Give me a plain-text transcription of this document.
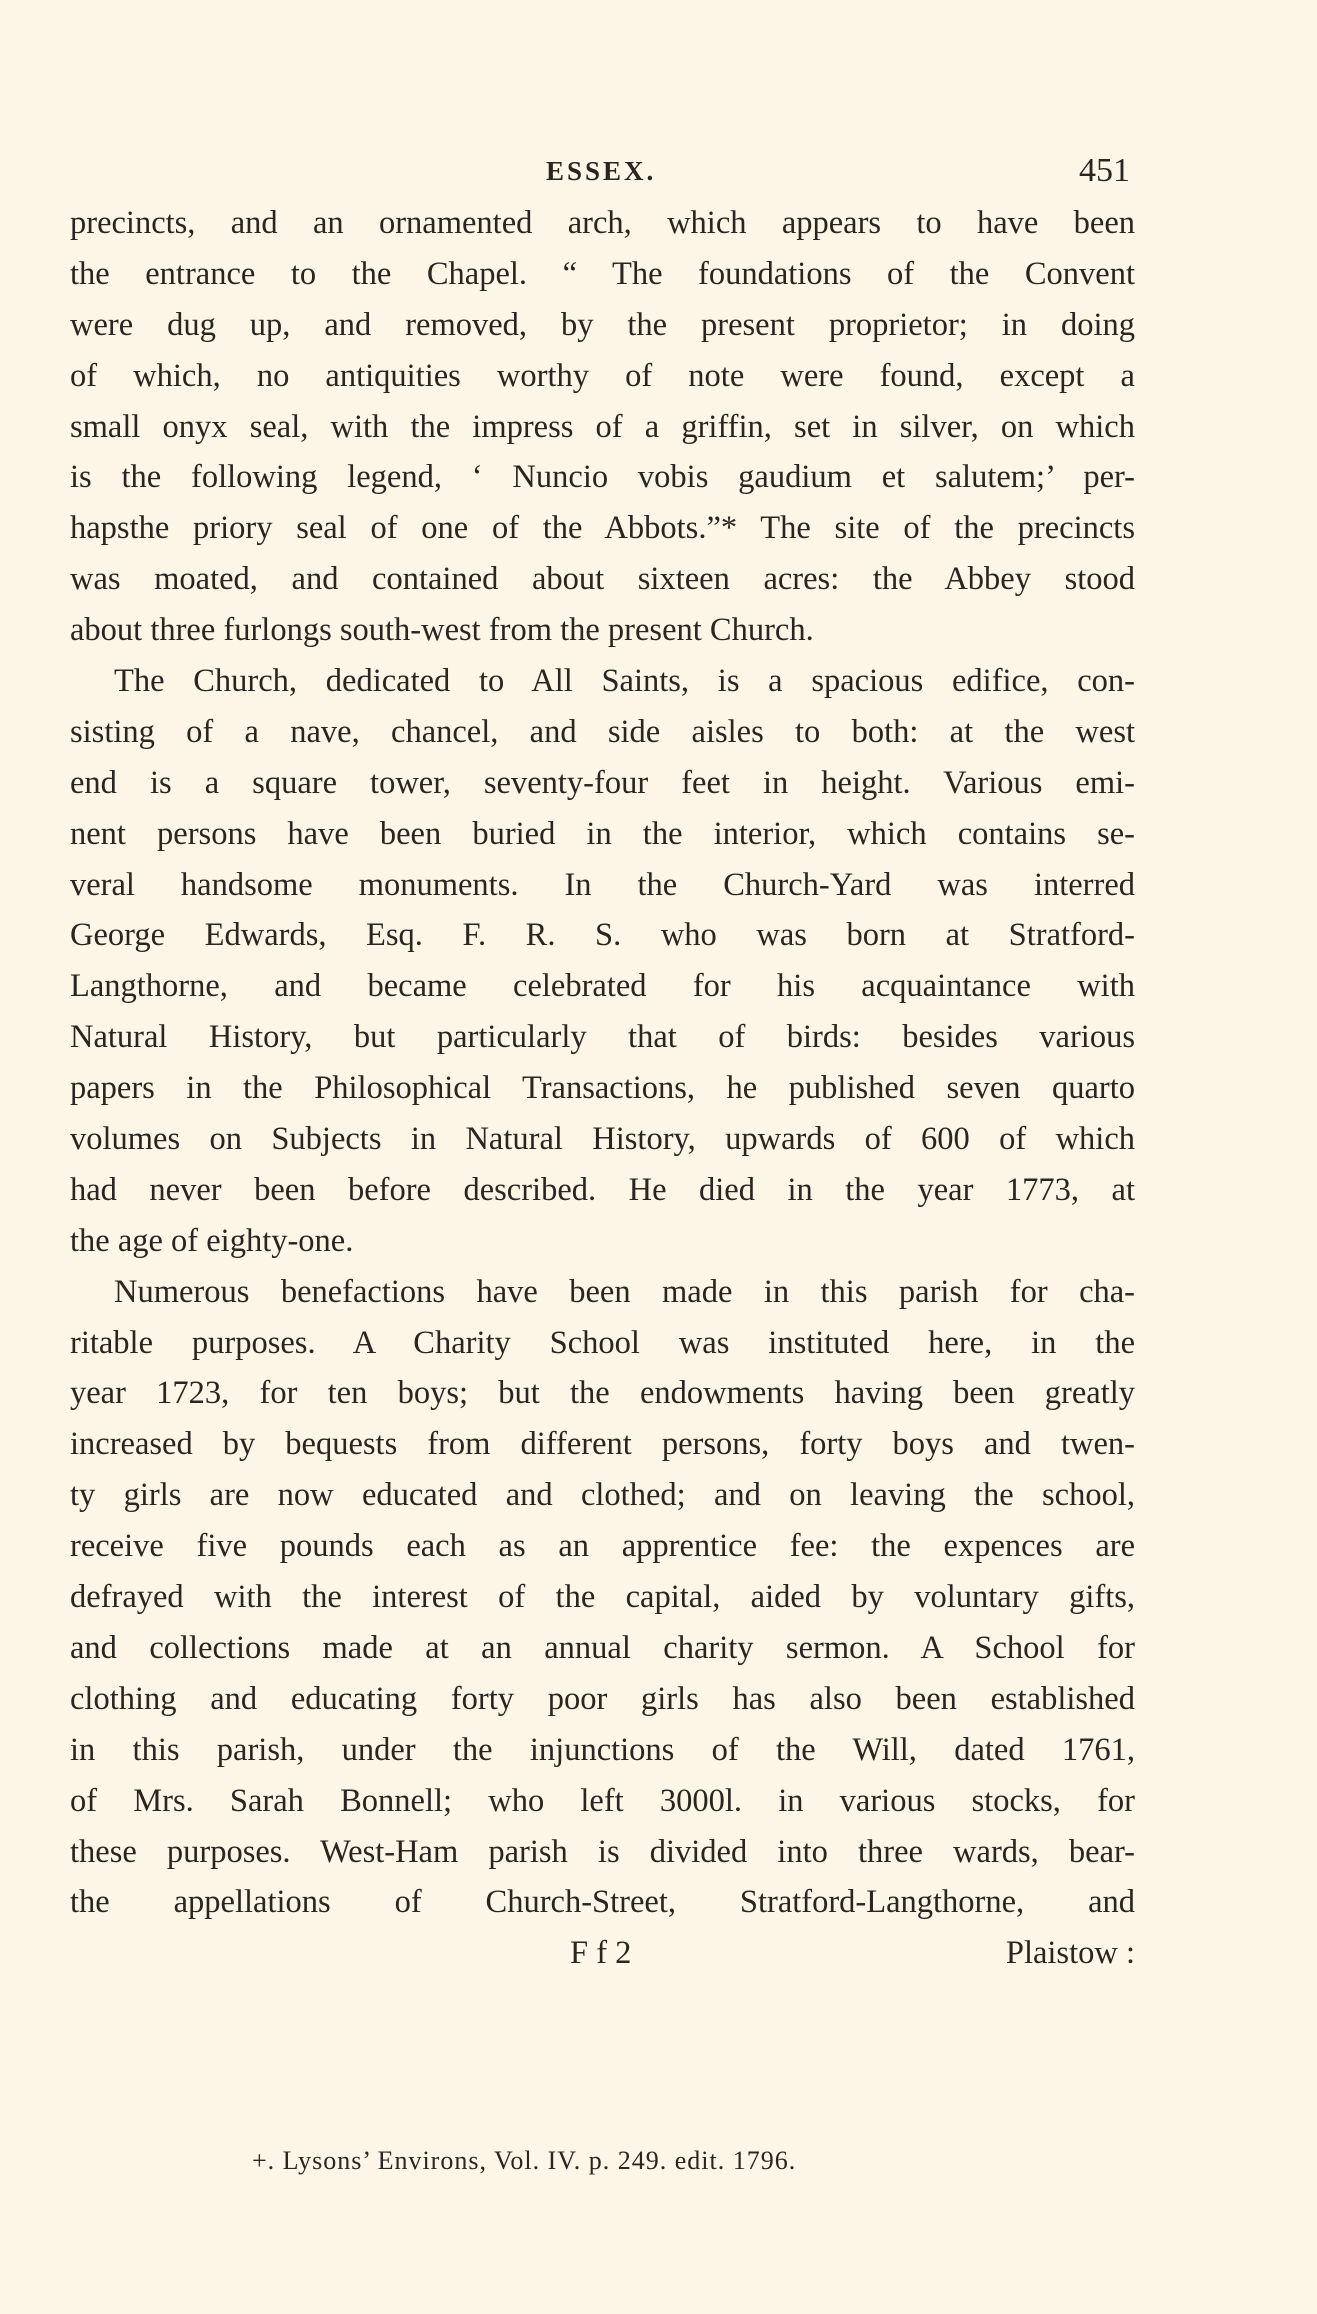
ESSEX.	451
precincts, and an ornamented arch, which appears to have been
the entrance to the Chapel. “ The foundations of the Convent
were dug up, and removed, by the present proprietor; in doing
of which, no antiquities worthy of note were found, except a
small onyx seal, with the impress of a griffin, set in silver, on which
is the following legend, ‘ Nuncio vobis gaudium et salutem;’ per-
hapsthe priory seal of one of the Abbots.”* The site of the precincts
was moated, and contained about sixteen acres: the Abbey stood
about three furlongs south-west from the present Church.
The Church, dedicated to All Saints, is a spacious edifice, con-
sisting of a nave, chancel, and side aisles to both: at the west
end is a square tower, seventy-four feet in height. Various emi-
nent persons have been buried in the interior, which contains se-
veral handsome monuments. In the Church-Yard was interred
George Edwards, Esq. F. R. S. who was born at Stratford-
Langthorne, and became celebrated for his acquaintance with
Natural History, but particularly that of birds: besides various
papers in the Philosophical Transactions, he published seven quarto
volumes on Subjects in Natural History, upwards of 600 of which
had never been before described. He died in the year 1773, at
the age of eighty-one.
Numerous benefactions have been made in this parish for cha-
ritable purposes. A Charity School was instituted here, in the
year 1723, for ten boys; but the endowments having been greatly
increased by bequests from different persons, forty boys and twen-
ty girls are now educated and clothed; and on leaving the school,
receive five pounds each as an apprentice fee: the expences are
defrayed with the interest of the capital, aided by voluntary gifts,
and collections made at an annual charity sermon. A School for
clothing and educating forty poor girls has also been established
in this parish, under the injunctions of the Will, dated 1761,
of Mrs. Sarah Bonnell; who left 3000l. in various stocks, for
these purposes. West-Ham parish is divided into three wards, bear-
the appellations of Church-Street, Stratford-Langthorne, and
F f 2	Plaistow :
+. Lysons’ Environs, Vol. IV. p. 249. edit. 1796.
